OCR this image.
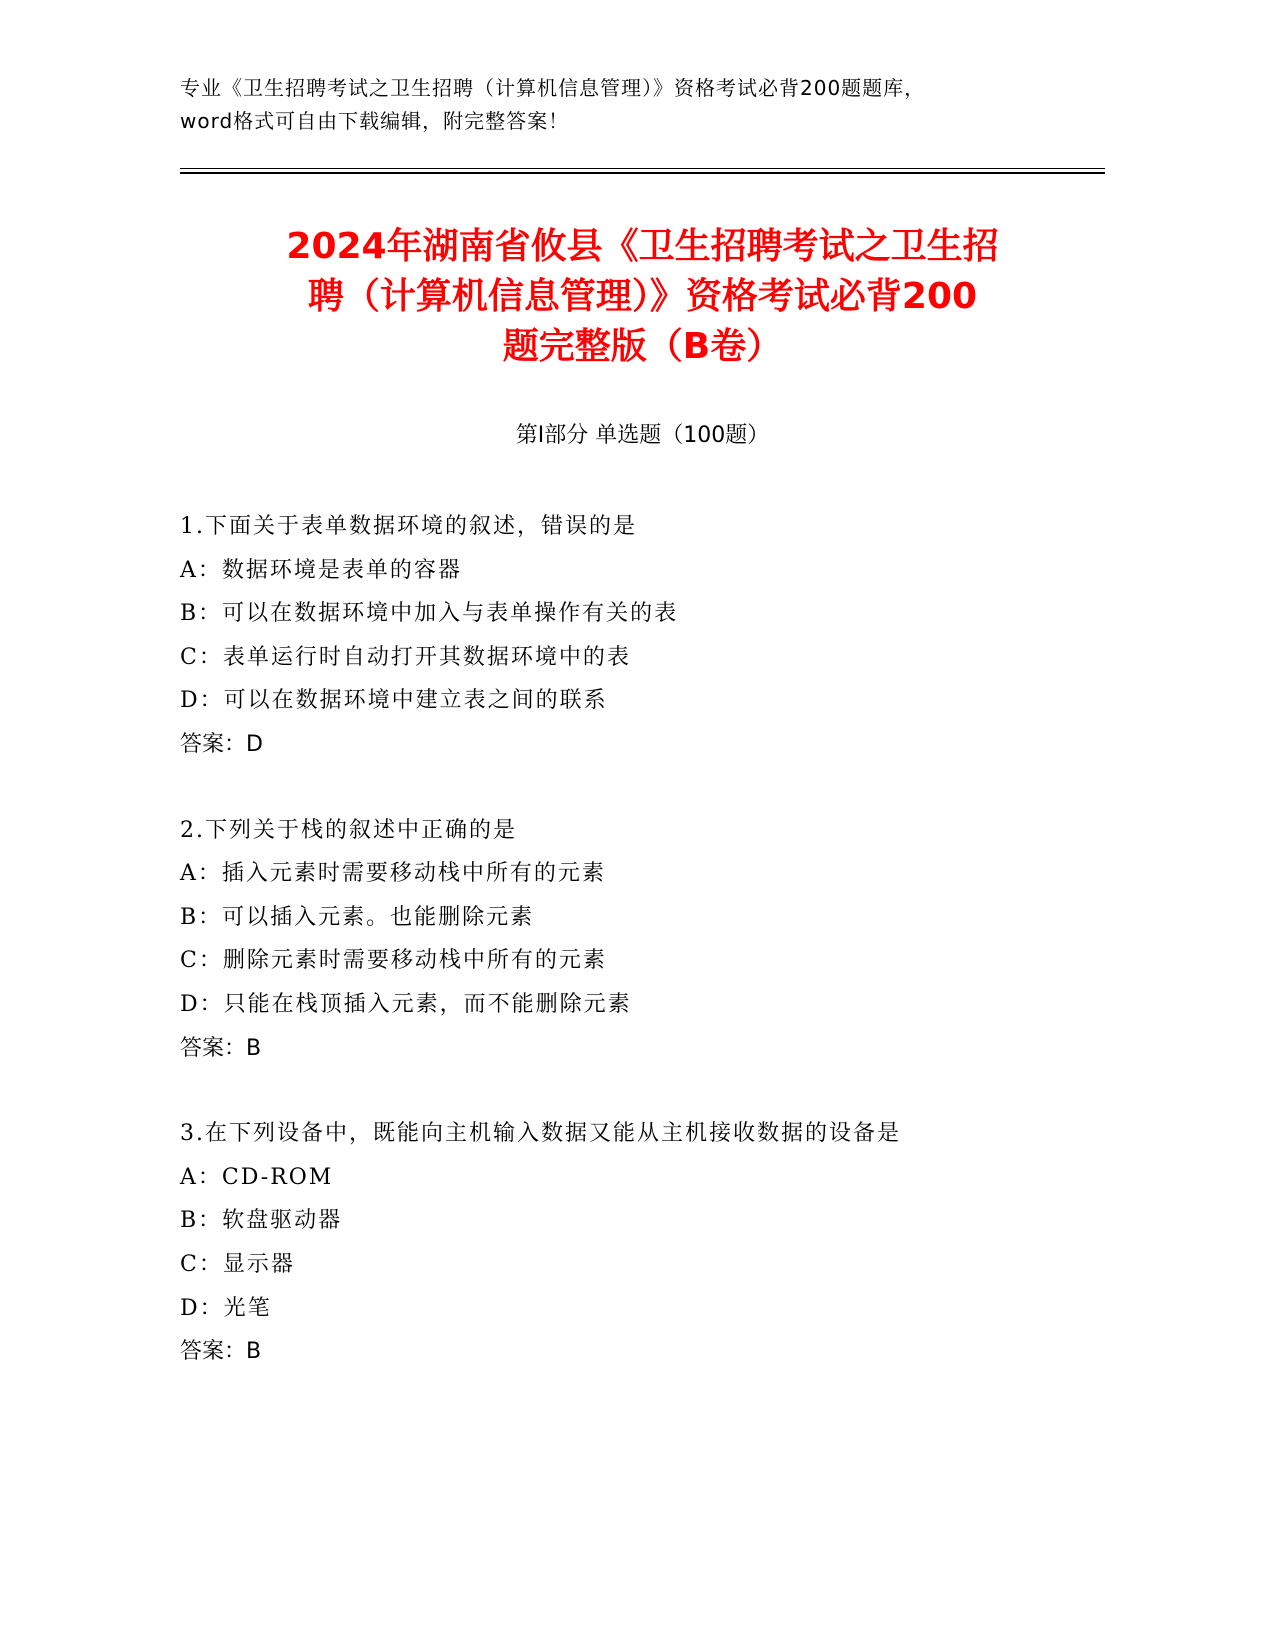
专业《卫生招聘考试之卫生招聘（计算机信息管理）》资格考试必背200题题库，
word格式可自由下载编辑，附完整答案！
2024年湖南省攸县《卫生招聘考试之卫生招
聘（计算机信息管理）》资格考试必背200
题完整版（B卷）
第I部分 单选题（100题）
1.下面关于表单数据环境的叙述，错误的是
A：数据环境是表单的容器
B：可以在数据环境中加入与表单操作有关的表
C：表单运行时自动打开其数据环境中的表
D：可以在数据环境中建立表之间的联系
答案：D
2.下列关于栈的叙述中正确的是
A：插入元素时需要移动栈中所有的元素
B：可以插入元素。也能删除元素
C：删除元素时需要移动栈中所有的元素
D：只能在栈顶插入元素，而不能删除元素
答案：B
3.在下列设备中，既能向主机输入数据又能从主机接收数据的设备是
A：CD-ROM
B：软盘驱动器
C：显示器
D：光笔
答案：B
